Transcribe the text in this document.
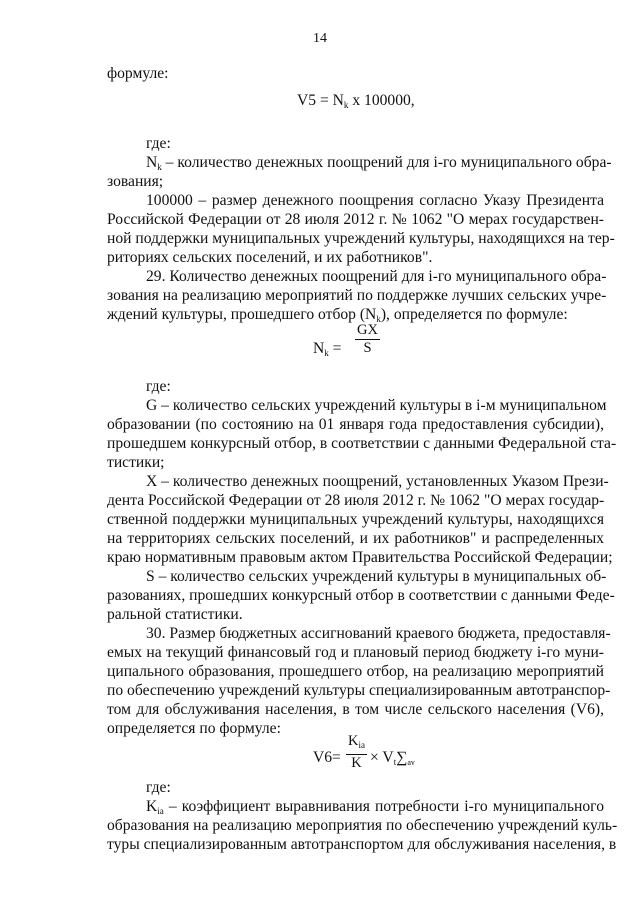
14
формуле:
$V5 = N_k$ х 100000,
где:
$N_k$ – количество денежных поощрений для i-го муниципального обра-
зования;
100000 – размер денежного поощрения согласно Указу Президента
Российской Федерации от 28 июля 2012 г. № 1062 "О мерах государствен-
ной поддержки муниципальных учреждений культуры, находящихся на тер-
риториях сельских поселений, и их работников".
29. Количество денежных поощрений для i-го муниципального обра-
зования на реализацию мероприятий по поддержке лучших сельских учре-
ждений культуры, прошедшего отбор $(N_k)$, определяется по формуле:
$N_k = \frac{GX}{S}$
где:
G – количество сельских учреждений культуры в i-м муниципальном
образовании (по состоянию на 01 января года предоставления субсидии),
прошедшем конкурсный отбор, в соответствии с данными Федеральной ста-
тистики;
X – количество денежных поощрений, установленных Указом Прези-
дента Российской Федерации от 28 июля 2012 г. № 1062 "О мерах государ-
ственной поддержки муниципальных учреждений культуры, находящихся
на территориях сельских поселений, и их работников" и распределенных
краю нормативным правовым актом Правительства Российской Федерации;
S – количество сельских учреждений культуры в муниципальных об-
разованиях, прошедших конкурсный отбор в соответствии с данными Феде-
ральной статистики.
30. Размер бюджетных ассигнований краевого бюджета, предоставля-
емых на текущий финансовый год и плановый период бюджету i-го муни-
ципального образования, прошедшего отбор, на реализацию мероприятий
по обеспечению учреждений культуры специализированным автотранспор-
том для обслуживания населения, в том числе сельского населения (V6),
определяется по формуле:
V6=
$K_{ia}$
$K \times V_t\sum_{av}$
где:
$K_{ia}$ – коэффициент выравнивания потребности i-го муниципального
образования на реализацию мероприятия по обеспечению учреждений куль-
туры специализированным автотранспортом для обслуживания населения, в
